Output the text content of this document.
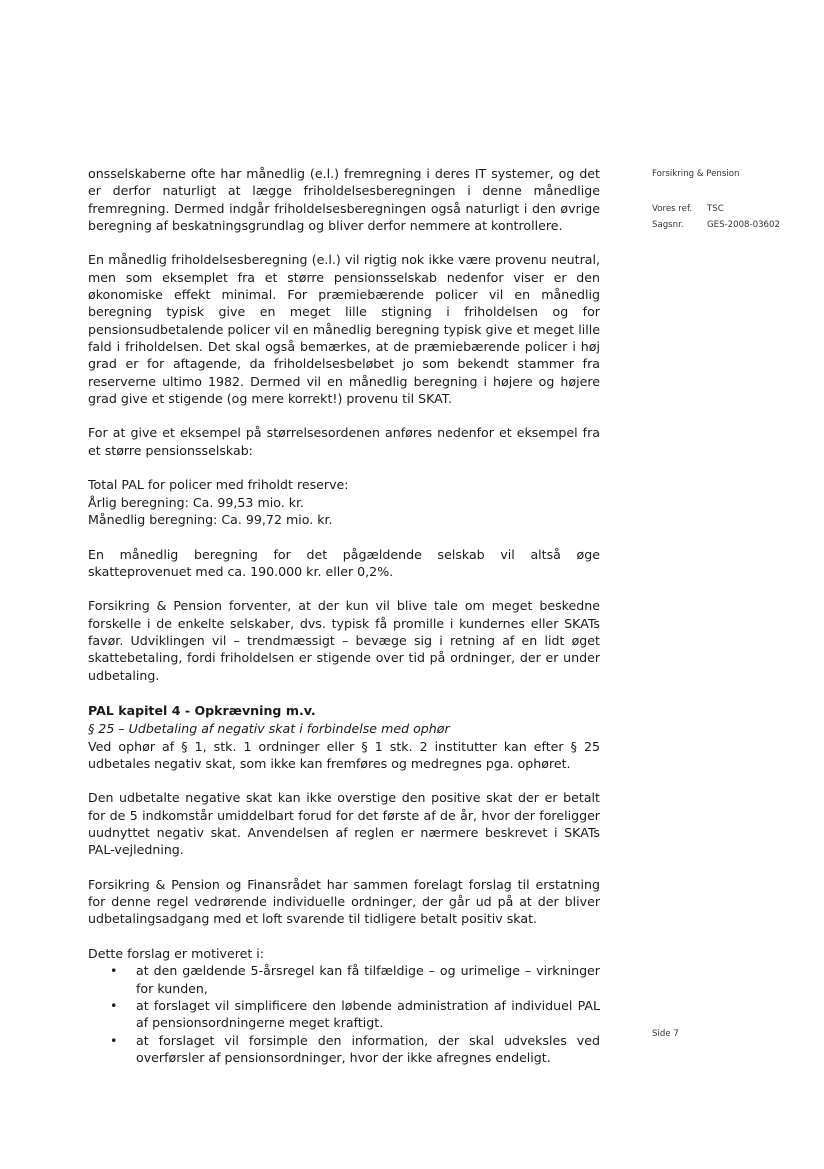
Forsikring & Pension
Vores ref. TSC
Sagsnr.	GES-2008-03602
Side 7

onsselskaberne ofte har månedlig (e.l.) fremregning i deres IT systemer, og det er derfor naturligt at lægge friholdelsesberegningen i denne månedlige fremregning. Dermed indgår friholdelsesberegningen også naturligt i den øvrige beregning af beskatningsgrundlag og bliver derfor nemmere at kontrollere.

En månedlig friholdelsesberegning (e.l.) vil rigtig nok ikke være provenu neutral, men som eksemplet fra et større pensionsselskab nedenfor viser er den økonomiske effekt minimal. For præmiebærende policer vil en månedlig beregning typisk give en meget lille stigning i friholdelsen og for pensionsudbetalende policer vil en månedlig beregning typisk give et meget lille fald i friholdelsen. Det skal også bemærkes, at de præmiebærende policer i høj grad er for aftagende, da friholdelsesbeløbet jo som bekendt stammer fra reserverne ultimo 1982. Dermed vil en månedlig beregning i højere og højere grad give et stigende (og mere korrekt!) provenu til SKAT.

For at give et eksempel på størrelsesordenen anføres nedenfor et eksempel fra et større pensionsselskab:

Total PAL for policer med friholdt reserve:
Årlig beregning: Ca. 99,53 mio. kr.
Månedlig beregning: Ca. 99,72 mio. kr.

En månedlig beregning for det pågældende selskab vil altså øge skatteprovenuet med ca. 190.000 kr. eller 0,2%.

Forsikring & Pension forventer, at der kun vil blive tale om meget beskedne forskelle i de enkelte selskaber, dvs. typisk få promille i kundernes eller SKATs favør. Udviklingen vil – trendmæssigt – bevæge sig i retning af en lidt øget skattebetaling, fordi friholdelsen er stigende over tid på ordninger, der er under udbetaling.

PAL kapitel 4 - Opkrævning m.v.

§ 25 – Udbetaling af negativ skat i forbindelse med ophør

Ved ophør af § 1, stk. 1 ordninger eller § 1 stk. 2 institutter kan efter § 25 udbetales negativ skat, som ikke kan fremføres og medregnes pga. ophøret.

Den udbetalte negative skat kan ikke overstige den positive skat der er betalt for de 5 indkomstår umiddelbart forud for det første af de år, hvor der foreligger uudnyttet negativ skat. Anvendelsen af reglen er nærmere beskrevet i SKATs PAL-vejledning.

Forsikring & Pension og Finansrådet har sammen forelagt forslag til erstatning for denne regel vedrørende individuelle ordninger, der går ud på at der bliver udbetalingsadgang med et loft svarende til tidligere betalt positiv skat.

Dette forslag er motiveret i:

• at den gældende 5-årsregel kan få tilfældige – og urimelige – virkninger for kunden,
• at forslaget vil simplificere den løbende administration af individuel PAL af pensionsordningerne meget kraftigt.
• at forslaget vil forsimple den information, der skal udveksles ved overførsler af pensionsordninger, hvor der ikke afregnes endeligt.
